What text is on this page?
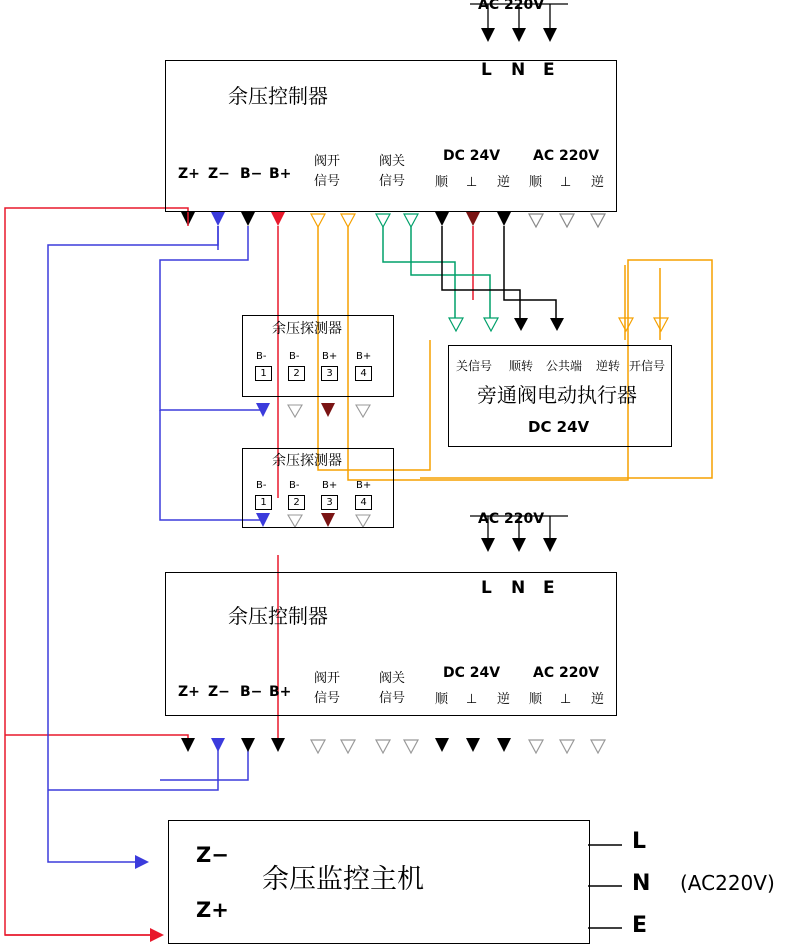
AC 220V
L N E
余压控制器
Z+ Z− B− B+
阀开
信号
阀关
信号
DC 24V AC 220V
顺 ⊥ 逆 顺 ⊥ 逆
余压探测器
B- B- B+ B+
1	2	3	4
余压探测器
B- B- B+ B+
1	2	3	4
关信号 顺转 公共端 逆转 开信号
旁通阀电动执行器
DC 24V
AC 220V
L N E
余压控制器
Z+ Z− B− B+
阀开
信号
阀关
信号
DC 24V AC 220V
顺 ⊥ 逆 顺 ⊥ 逆
Z−
Z+
余压监控主机
L
N
E
(AC220V)
